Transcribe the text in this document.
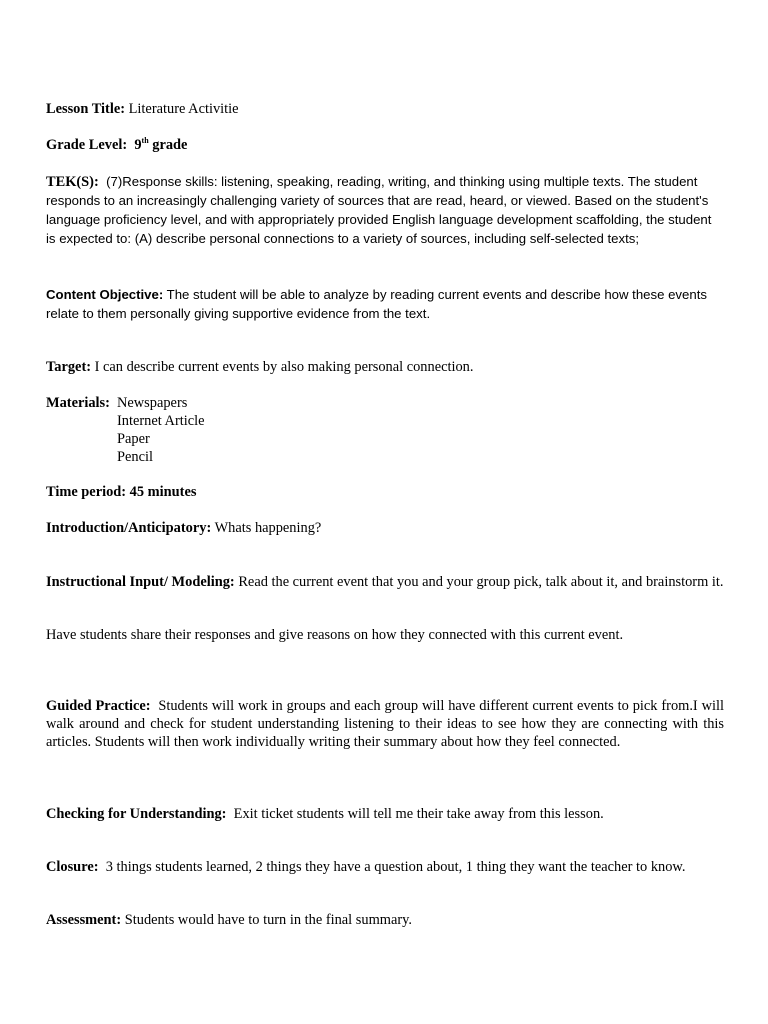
Lesson Title: Literature Activitie

Grade Level: 9th grade

TEK(S): (7)Response skills: listening, speaking, reading, writing, and thinking using multiple texts. The student responds to an increasingly challenging variety of sources that are read, heard, or viewed. Based on the student's language proficiency level, and with appropriately provided English language development scaffolding, the student is expected to: (A) describe personal connections to a variety of sources, including self-selected texts;

Content Objective: The student will be able to analyze by reading current events and describe how these events relate to them personally giving supportive evidence from the text.

Target: I can describe current events by also making personal connection.

Materials: Newspapers
Internet Article
Paper
Pencil

Time period: 45 minutes

Introduction/Anticipatory: Whats happening?

Instructional Input/ Modeling: Read the current event that you and your group pick, talk about it, and brainstorm it.

Have students share their responses and give reasons on how they connected with this current event.

Guided Practice: Students will work in groups and each group will have different current events to pick from.I will walk around and check for student understanding listening to their ideas to see how they are connecting with this articles. Students will then work individually writing their summary about how they feel connected.

Checking for Understanding: Exit ticket students will tell me their take away from this lesson.

Closure: 3 things students learned, 2 things they have a question about, 1 thing they want the teacher to know.

Assessment: Students would have to turn in the final summary.
